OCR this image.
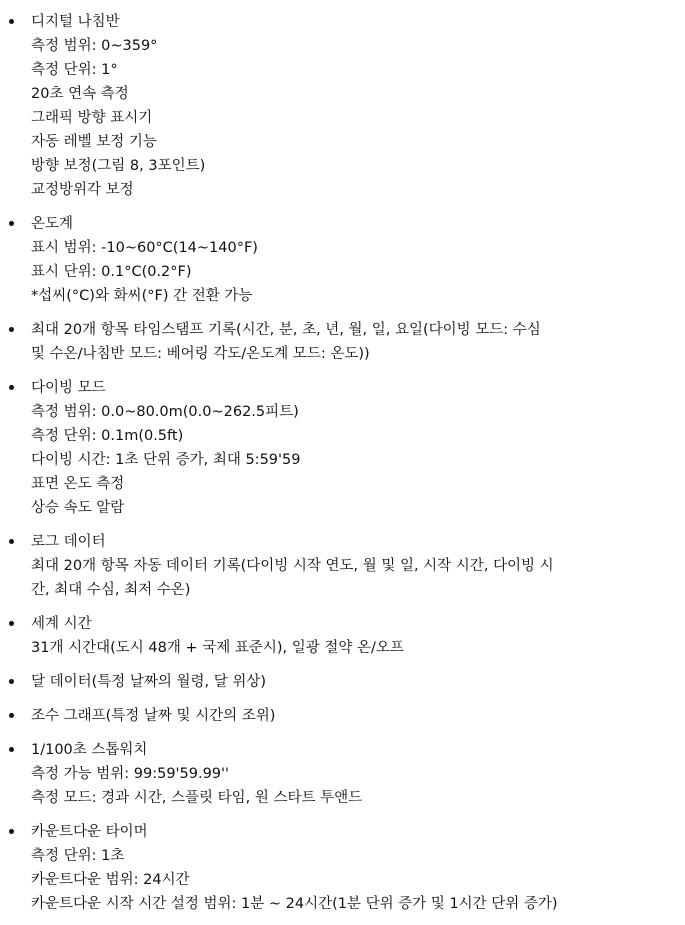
디지털 나침반
측정 범위: 0~359°
측정 단위: 1°
20초 연속 측정
그래픽 방향 표시기
자동 레벨 보정 기능
방향 보정(그림 8, 3포인트)
교정방위각 보정
온도계
표시 범위: -10~60°C(14~140°F)
표시 단위: 0.1°C(0.2°F)
*섭씨(°C)와 화씨(°F) 간 전환 가능
최대 20개 항목 타임스탬프 기록(시간, 분, 초, 년, 월, 일, 요일(다이빙 모드: 수심
및 수온/나침반 모드: 베어링 각도/온도계 모드: 온도))
다이빙 모드
측정 범위: 0.0~80.0m(0.0~262.5피트)
측정 단위: 0.1m(0.5ft)
다이빙 시간: 1초 단위 증가, 최대 5:59'59
표면 온도 측정
상승 속도 알람
로그 데이터
최대 20개 항목 자동 데이터 기록(다이빙 시작 연도, 월 및 일, 시작 시간, 다이빙 시
간, 최대 수심, 최저 수온)
세계 시간
31개 시간대(도시 48개 + 국제 표준시), 일광 절약 온/오프
달 데이터(특정 날짜의 월령, 달 위상)
조수 그래프(특정 날짜 및 시간의 조위)
1/100초 스톱워치
측정 가능 범위: 99:59'59.99''
측정 모드: 경과 시간, 스플릿 타임, 원 스타트 투앤드
카운트다운 타이머
측정 단위: 1초
카운트다운 범위: 24시간
카운트다운 시작 시간 설정 범위: 1분 ~ 24시간(1분 단위 증가 및 1시간 단위 증가)
